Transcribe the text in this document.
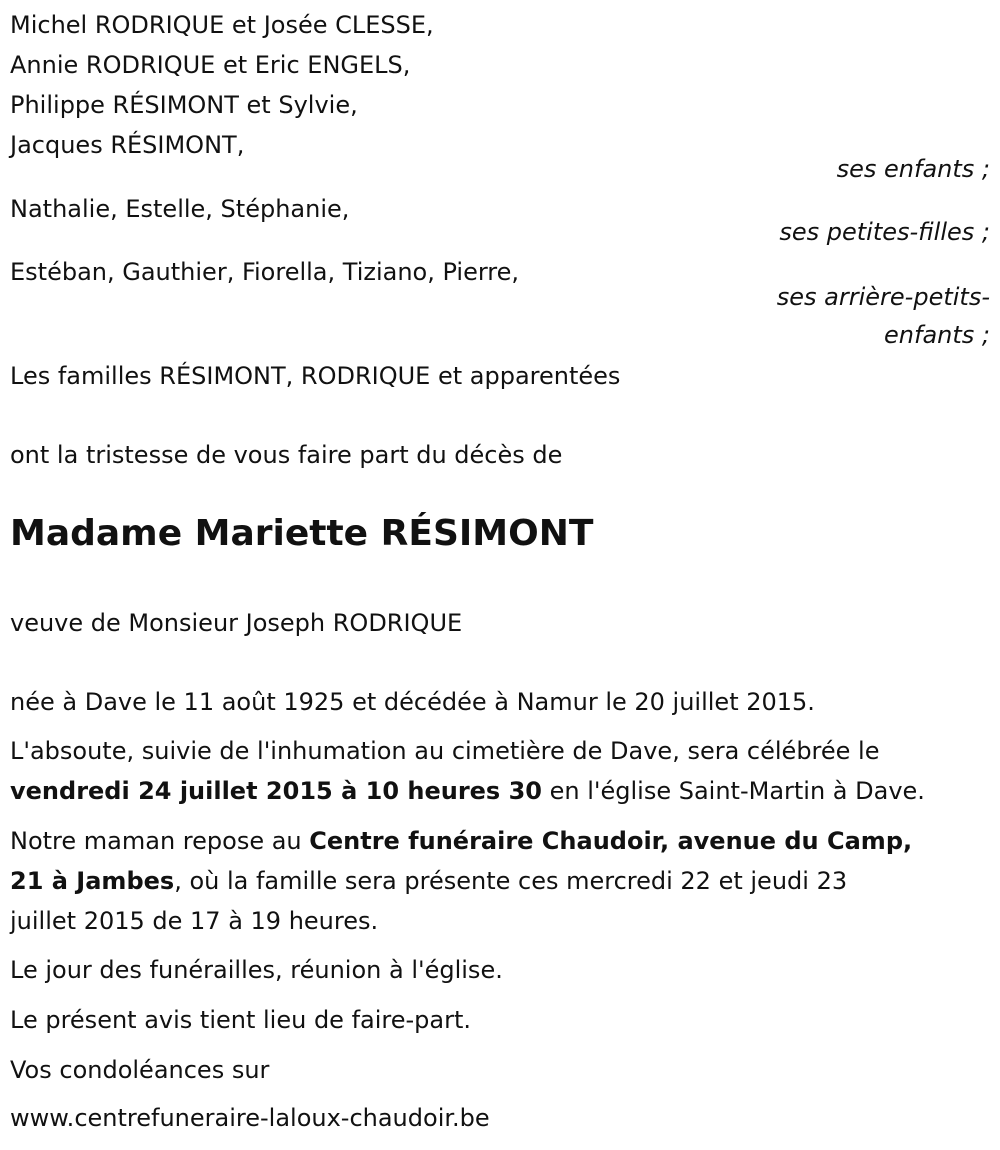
Michel RODRIQUE et Josée CLESSE,
Annie RODRIQUE et Eric ENGELS,
Philippe RÉSIMONT et Sylvie,
Jacques RÉSIMONT,
ses enfants ;
Nathalie, Estelle, Stéphanie,
ses petites-filles ;
Estéban, Gauthier, Fiorella, Tiziano, Pierre,
ses arrière-petits-
enfants ;
Les familles RÉSIMONT, RODRIQUE et apparentées
ont la tristesse de vous faire part du décès de
Madame Mariette RÉSIMONT
veuve de Monsieur Joseph RODRIQUE
née à Dave le 11 août 1925 et décédée à Namur le 20 juillet 2015.
L'absoute, suivie de l'inhumation au cimetière de Dave, sera célébrée le
vendredi 24 juillet 2015 à 10 heures 30 en l'église Saint-Martin à Dave.
Notre maman repose au Centre funéraire Chaudoir, avenue du Camp,
21 à Jambes, où la famille sera présente ces mercredi 22 et jeudi 23
juillet 2015 de 17 à 19 heures.
Le jour des funérailles, réunion à l'église.
Le présent avis tient lieu de faire-part.
Vos condoléances sur
www.centrefuneraire-laloux-chaudoir.be
